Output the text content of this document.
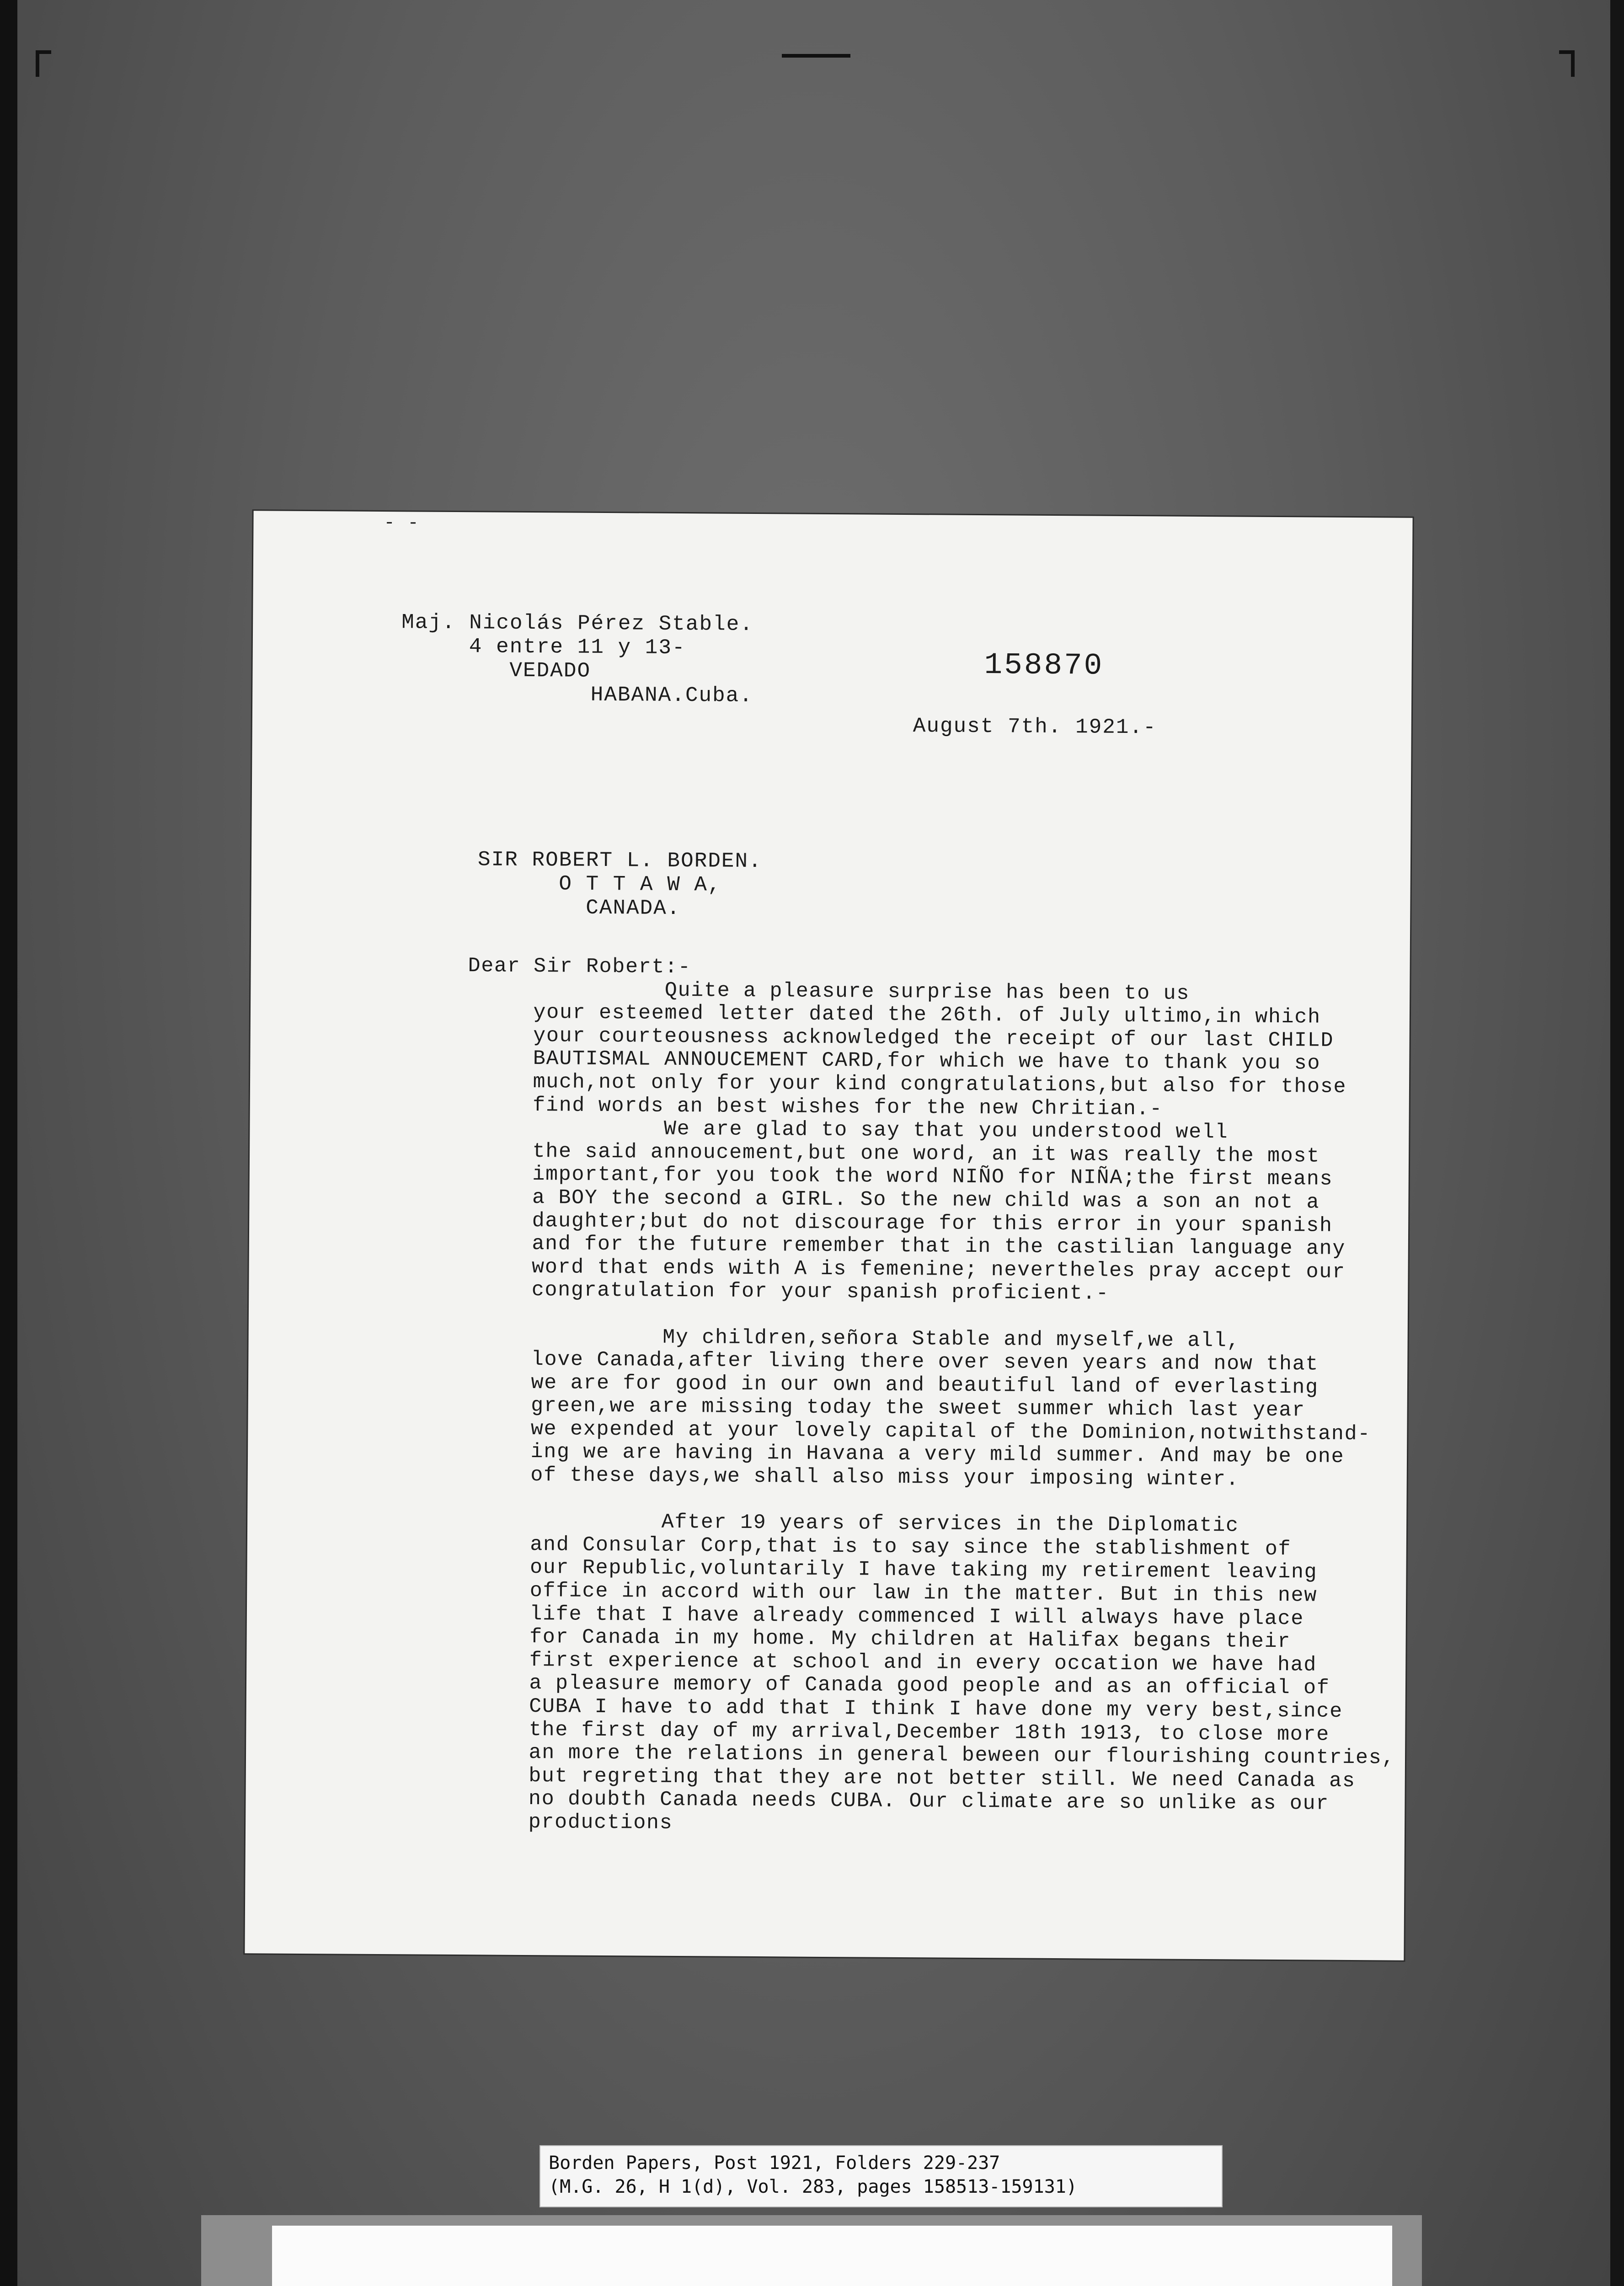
- -
Maj. Nicolás Pérez Stable.
4 entre 11 y 13-
VEDADO
HABANA.Cuba.
158870
August 7th. 1921.-
SIR ROBERT L. BORDEN.
O T T A W A,
CANADA.
Dear Sir Robert:-
Quite a pleasure surprise has been to us
your esteemed letter dated the 26th. of July ultimo,in which
your courteousness acknowledged the receipt of our last CHILD
BAUTISMAL ANNOUCEMENT CARD,for which we have to thank you so
much,not only for your kind congratulations,but also for those
find words an best wishes for the new Chritian.-
We are glad to say that you understood well
the said annoucement,but one word, an it was really the most
important,for you took the word NIÑO for NIÑA;the first means
a BOY the second a GIRL. So the new child was a son an not a
daughter;but do not discourage for this error in your spanish
and for the future remember that in the castilian language any
word that ends with A is femenine; nevertheles pray accept our
congratulation for your spanish proficient.-

My children,señora Stable and myself,we all,
love Canada,after living there over seven years and now that
we are for good in our own and beautiful land of everlasting
green,we are missing today the sweet summer which last year
we expended at your lovely capital of the Dominion,notwithstand-
ing we are having in Havana a very mild summer. And may be one
of these days,we shall also miss your imposing winter.

After 19 years of services in the Diplomatic
and Consular Corp,that is to say since the stablishment of
our Republic,voluntarily I have taking my retirement leaving
office in accord with our law in the matter. But in this new
life that I have already commenced I will always have place
for Canada in my home. My children at Halifax begans their
first experience at school and in every occation we have had
a pleasure memory of Canada good people and as an official of
CUBA I have to add that I think I have done my very best,since
the first day of my arrival,December 18th 1913, to close more
an more the relations in general beween our flourishing countries,
but regreting that they are not better still. We need Canada as
no doubth Canada needs CUBA. Our climate are so unlike as our
productions
Borden Papers, Post 1921, Folders 229-237
(M.G. 26, H 1(d), Vol. 283, pages 158513-159131)
